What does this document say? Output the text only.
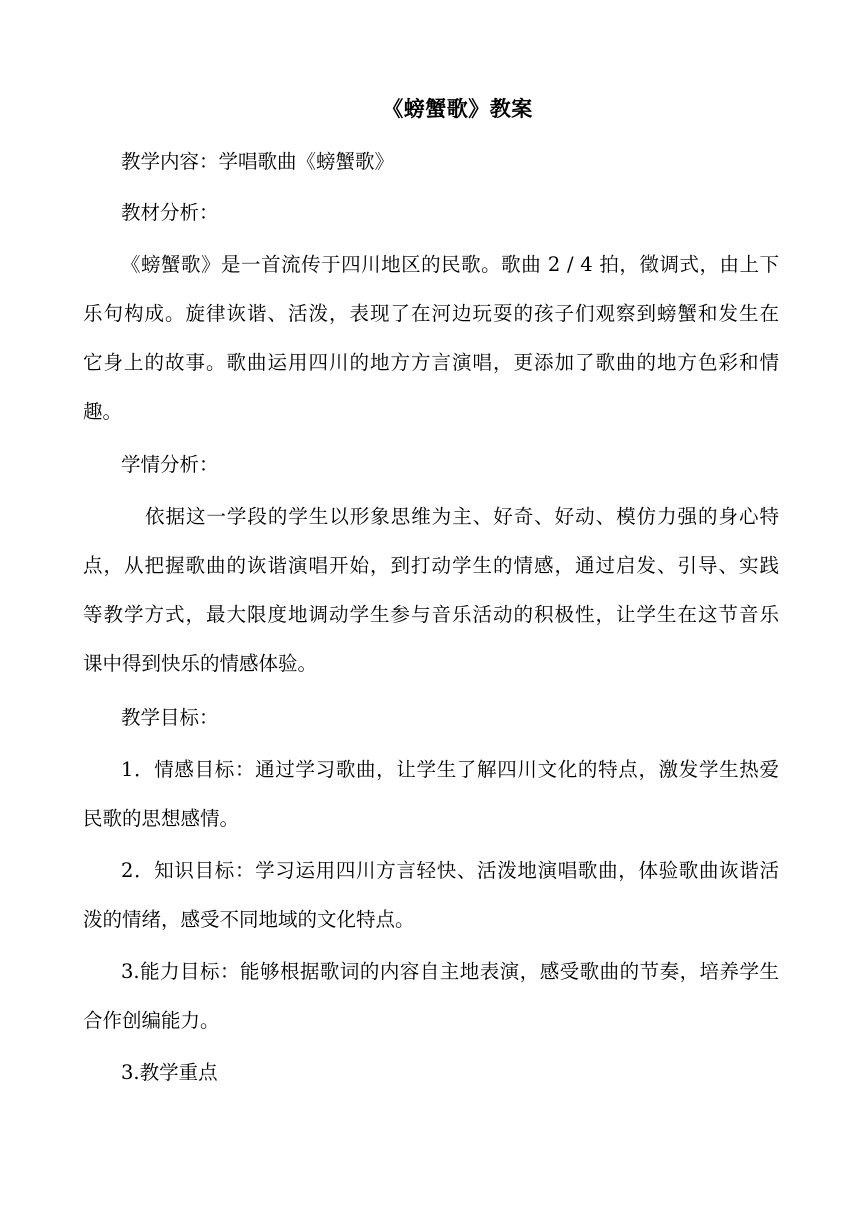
《螃蟹歌》教案
教学内容：学唱歌曲《螃蟹歌》
教材分析：
《螃蟹歌》是一首流传于四川地区的民歌。歌曲 2 / 4 拍，徵调式，由上下
乐句构成。旋律诙谐、活泼，表现了在河边玩耍的孩子们观察到螃蟹和发生在
它身上的故事。歌曲运用四川的地方方言演唱，更添加了歌曲的地方色彩和情
趣。
学情分析：
依据这一学段的学生以形象思维为主、好奇、好动、模仿力强的身心特
点，从把握歌曲的诙谐演唱开始，到打动学生的情感，通过启发、引导、实践
等教学方式，最大限度地调动学生参与音乐活动的积极性，让学生在这节音乐
课中得到快乐的情感体验。
教学目标：
1．情感目标：通过学习歌曲，让学生了解四川文化的特点，激发学生热爱
民歌的思想感情。
2．知识目标：学习运用四川方言轻快、活泼地演唱歌曲，体验歌曲诙谐活
泼的情绪，感受不同地域的文化特点。
3.能力目标：能够根据歌词的内容自主地表演，感受歌曲的节奏，培养学生
合作创编能力。
3.教学重点
